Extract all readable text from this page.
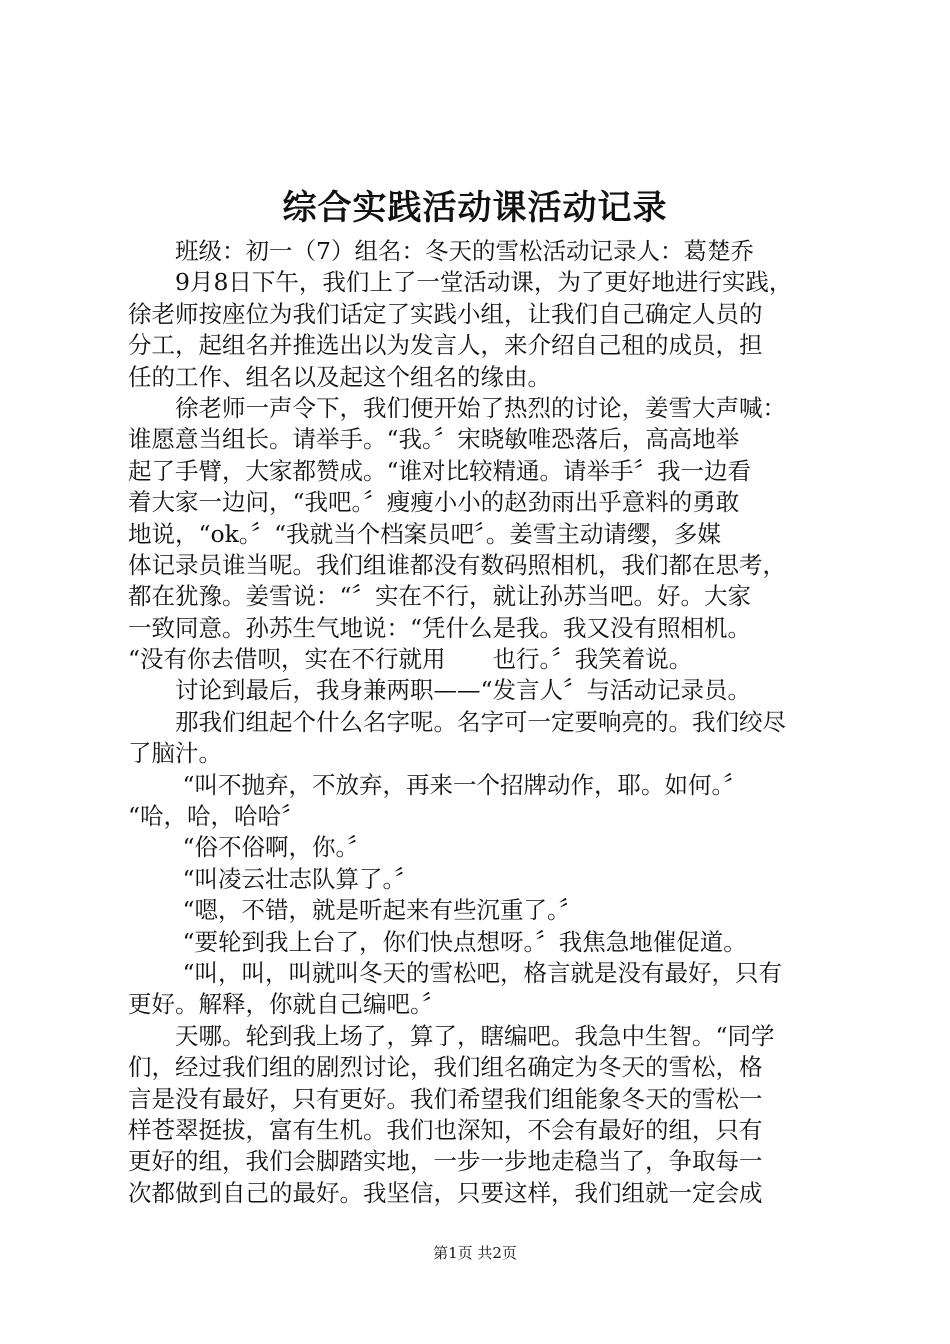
综合实践活动课活动记录
　　班级：初一（7）组名：冬天的雪松活动记录人：葛楚乔
　　9月8日下午，我们上了一堂活动课，为了更好地进行实践，
徐老师按座位为我们话定了实践小组，让我们自己确定人员的
分工，起组名并推选出以为发言人，来介绍自己租的成员，担
任的工作、组名以及起这个组名的缘由。
　　徐老师一声令下，我们便开始了热烈的讨论，姜雪大声喊：
谁愿意当组长。请举手。“我。〞宋晓敏唯恐落后，高高地举
起了手臂，大家都赞成。“谁对比较精通。请举手〞我一边看
着大家一边问，“我吧。〞瘦瘦小小的赵劲雨出乎意料的勇敢
地说，“ok。〞“我就当个档案员吧〞。姜雪主动请缨，多媒
体记录员谁当呢。我们组谁都没有数码照相机，我们都在思考，
都在犹豫。姜雪说：“〞实在不行，就让孙苏当吧。好。大家
一致同意。孙苏生气地说：“凭什么是我。我又没有照相机。
“没有你去借呗，实在不行就用　　也行。〞我笑着说。
　　讨论到最后，我身兼两职——“发言人〞与活动记录员。
　　那我们组起个什么名字呢。名字可一定要响亮的。我们绞尽
了脑汁。
　　 “叫不抛弃，不放弃，再来一个招牌动作，耶。如何。〞
“哈，哈，哈哈〞
　　 “俗不俗啊，你。〞
　　 “叫凌云壮志队算了。〞
　　 “嗯，不错，就是听起来有些沉重了。〞
　　 “要轮到我上台了，你们快点想呀。〞我焦急地催促道。
　　 “叫，叫，叫就叫冬天的雪松吧，格言就是没有最好，只有
更好。解释，你就自己编吧。〞
　　天哪。轮到我上场了，算了，瞎编吧。我急中生智。“同学
们，经过我们组的剧烈讨论，我们组名确定为冬天的雪松，格
言是没有最好，只有更好。我们希望我们组能象冬天的雪松一
样苍翠挺拔，富有生机。我们也深知，不会有最好的组，只有
更好的组，我们会脚踏实地，一步一步地走稳当了，争取每一
次都做到自己的最好。我坚信，只要这样，我们组就一定会成
第1页 共2页
